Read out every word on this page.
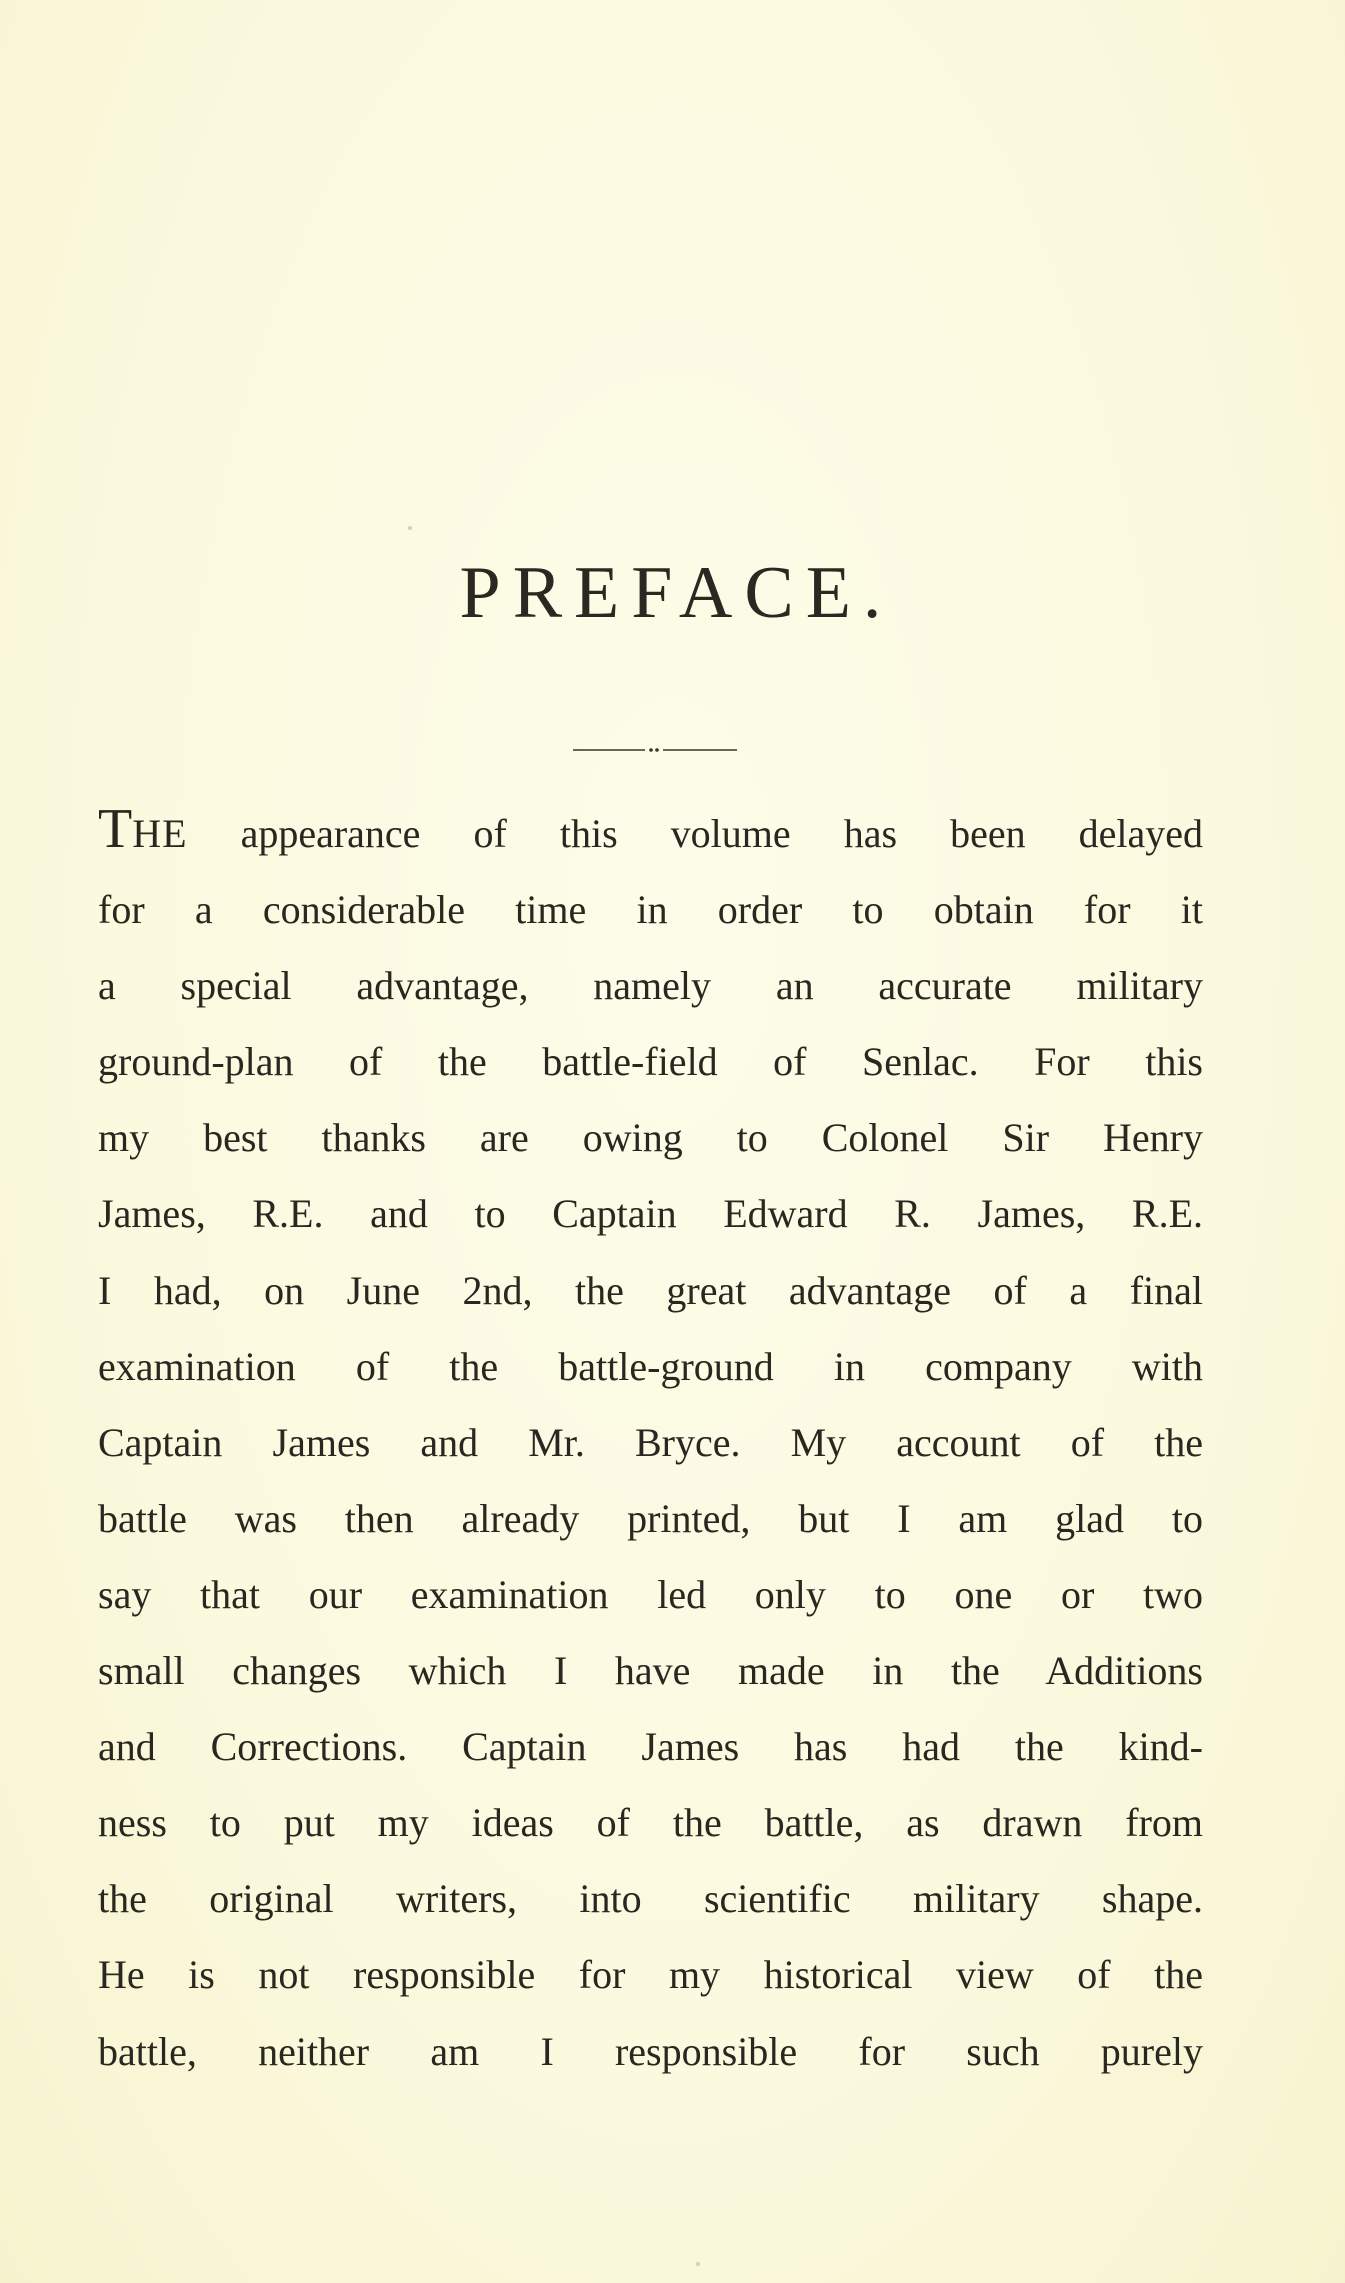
PREFACE.
THE appearance of this volume has been delayed
for a considerable time in order to obtain for it
a special advantage, namely an accurate military
ground-plan of the battle-field of Senlac. For this
my best thanks are owing to Colonel Sir Henry
James, R.E. and to Captain Edward R. James, R.E.
I had, on June 2nd, the great advantage of a final
examination of the battle-ground in company with
Captain James and Mr. Bryce. My account of the
battle was then already printed, but I am glad to
say that our examination led only to one or two
small changes which I have made in the Additions
and Corrections. Captain James has had the kind-
ness to put my ideas of the battle, as drawn from
the original writers, into scientific military shape.
He is not responsible for my historical view of the
battle, neither am I responsible for such purely
